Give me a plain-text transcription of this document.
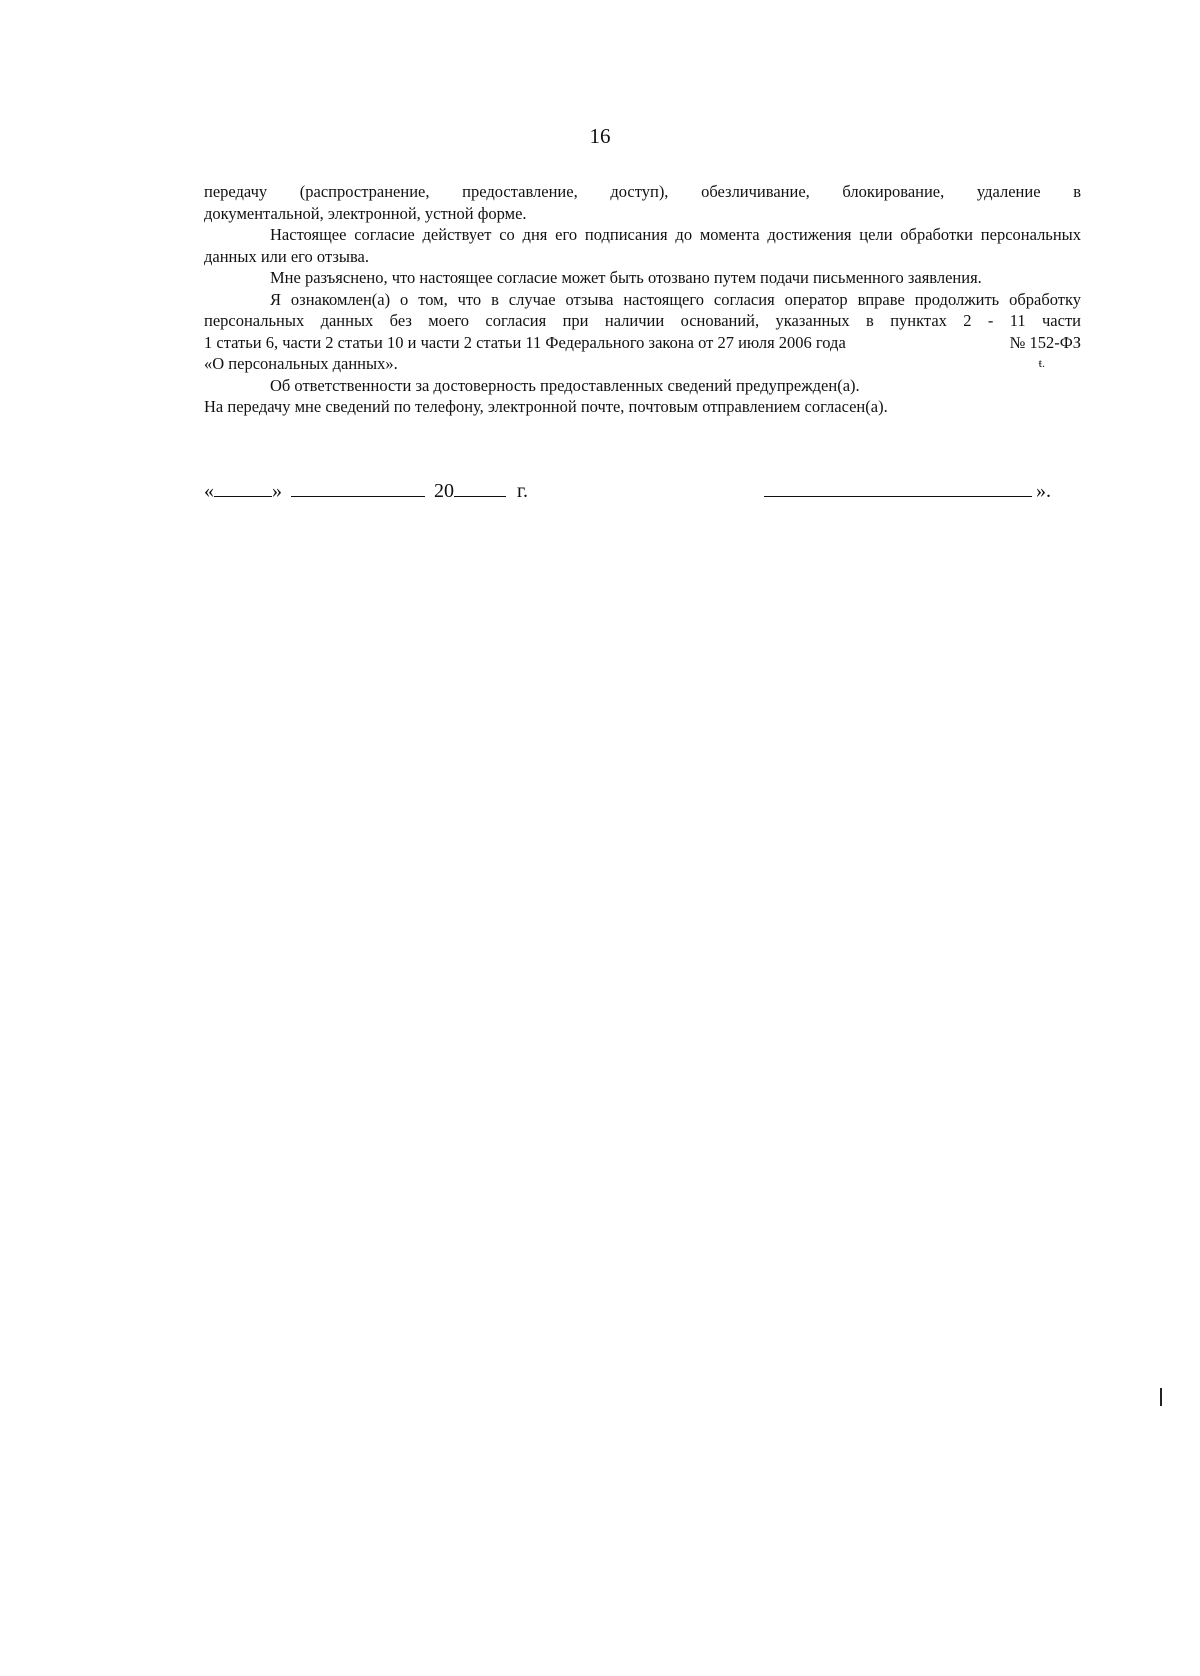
16

передачу (распространение, предоставление, доступ), обезличивание, блокирование, удаление в
документальной, электронной, устной форме.

Настоящее согласие действует со дня его подписания до момента достижения цели обработки персональных данных или его отзыва.

Мне разъяснено, что настоящее согласие может быть отозвано путем подачи письменного заявления.

Я ознакомлен(а) о том, что в случае отзыва настоящего согласия оператор вправе продолжить обработку персональных данных без моего согласия при наличии оснований, указанных в пунктах 2 - 11 части

1 статьи 6, части 2 статьи 10 и части 2 статьи 11 Федерального закона от 27 июля 2006 года	№ 152-ФЗ
«О персональных данных».	ŧ.

Об ответственности за достоверность предоставленных сведений предупрежден(а).

На передачу мне сведений по телефону, электронной почте, почтовым отправлением согласен(а).

«	»	20	г.	».
